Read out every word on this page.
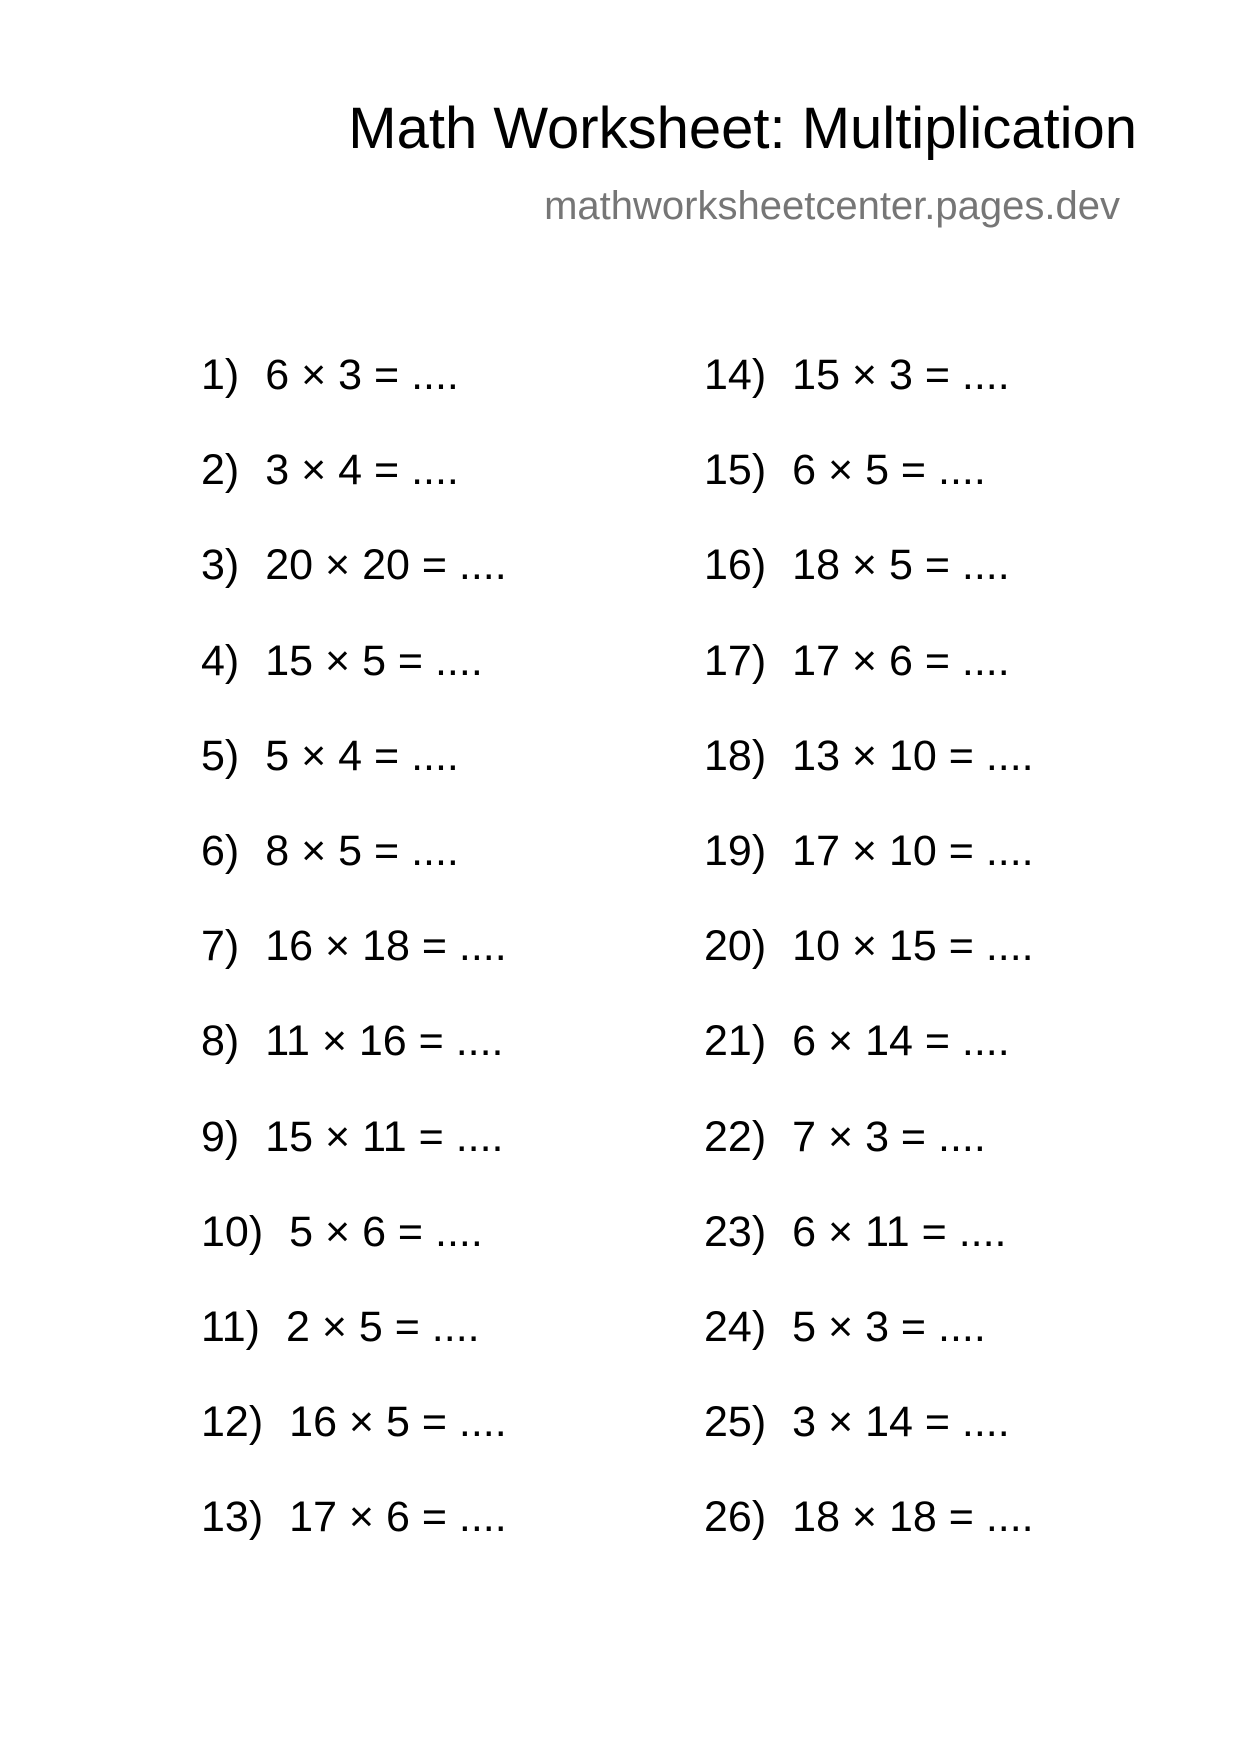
Math Worksheet: Multiplication

mathworksheetcenter.pages.dev

1) 6 × 3 = ....
2) 3 × 4 = ....
3) 20 × 20 = ....
4) 15 × 5 = ....
5) 5 × 4 = ....
6) 8 × 5 = ....
7) 16 × 18 = ....
8) 11 × 16 = ....
9) 15 × 11 = ....
10) 5 × 6 = ....
11) 2 × 5 = ....
12) 16 × 5 = ....
13) 17 × 6 = ....
14) 15 × 3 = ....
15) 6 × 5 = ....
16) 18 × 5 = ....
17) 17 × 6 = ....
18) 13 × 10 = ....
19) 17 × 10 = ....
20) 10 × 15 = ....
21) 6 × 14 = ....
22) 7 × 3 = ....
23) 6 × 11 = ....
24) 5 × 3 = ....
25) 3 × 14 = ....
26) 18 × 18 = ....
